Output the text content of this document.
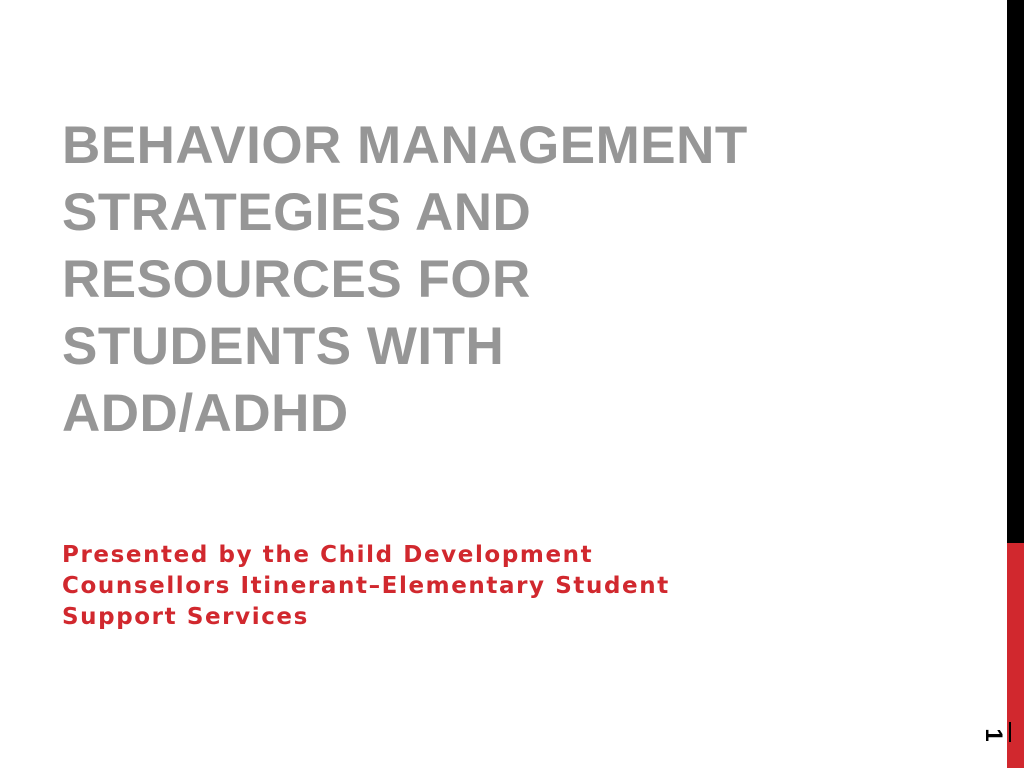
BEHAVIOR MANAGEMENT
STRATEGIES AND
RESOURCES FOR
STUDENTS WITH
ADD/ADHD

Presented by the Child Development
Counsellors Itinerant–Elementary Student
Support Services

1
